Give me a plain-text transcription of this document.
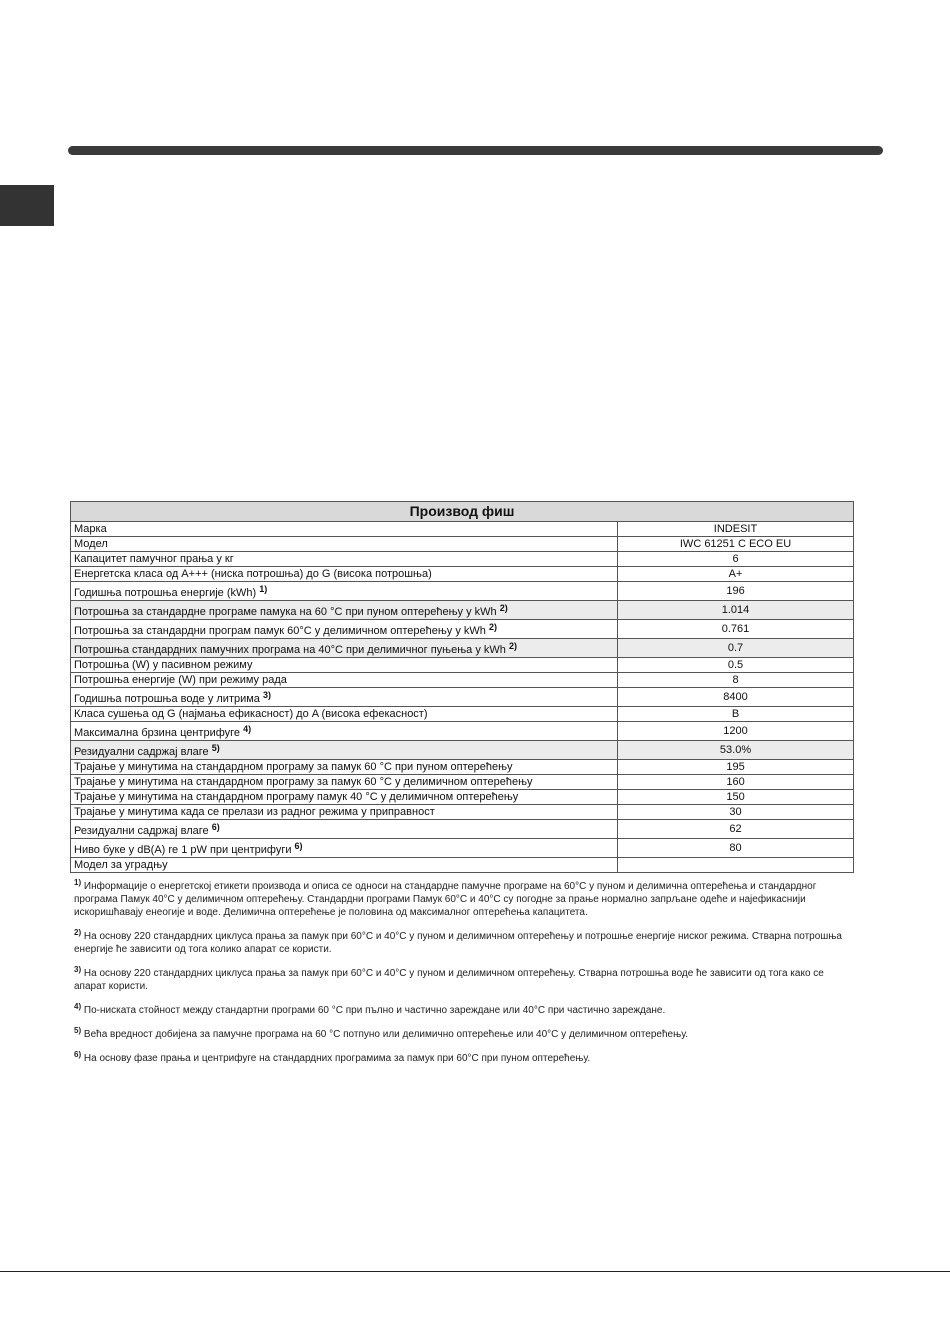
Производ фиш	
Марка	INDESIT
Модел	IWC 61251 C ECO EU
Капацитет памучног прања у кг	6
Енергетска класа од A+++ (ниска потрошња) до G (висока потрошња)	A+
Годишња потрошња енергије (kWh) $^{1)}$	196
Потрошња за стандардне програме памука на 60 °C при пуном оптерећењу у kWh $^{2)}$	1.014
Потрошња за стандардни програм памук 60°C у делимичном оптерећењу у kWh $^{2)}$	0.761
Потрошња стандардних памучних програма на 40°C при делимичног пуњења у kWh $^{2)}$	0.7
Потрошња (W) у пасивном режиму	0.5
Потрошња енергије (W) при режиму рада	8
Годишња потрошња воде у литрима $^{3)}$	8400
Класа сушења од G (најмања ефикасност) до A (висока ефекасност)	B
Максимална брзина центрифуге $^{4)}$	1200
Резидуални садржај влаге $^{5)}$	53.0%
Трајање у минутима на стандардном програму за памук 60 °C при пуном оптерећењу	195
Трајање у минутима на стандардном програму за памук 60 °C у делимичном оптерећењу	160
Трајање у минутима на стандардном програму памук 40 °C у делимичном оптерећењу	150
Трајање у минутима када се прелази из радног режима у приправност	30
Резидуални садржај влаге $^{6)}$	62
Ниво буке у dB(A) re 1 pW при центрифуги $^{6)}$	80
Модел за уградњу	

$^{1)}$ Информације о енергетској етикети производа и описа се односи на стандардне памучне програме на 60°C у пуном и делимична оптерећења и стандардног програма Памук 40°C у делимичном оптерећењу. Стандардни програми Памук 60°C и 40°C су погодне за прање нормално запрљане одеће и најефикаснији искоришћавају енеогије и воде. Делимична оптерећење је половина од максималног оптерећења капацитета.

$^{2)}$ На основу 220 стандардних циклуса прања за памук при 60°C и 40°C у пуном и делимичном оптерећењу и потрошње енергије ниског режима. Стварна потрошња енергије ће зависити од тога колико апарат се користи.

$^{3)}$ На основу 220 стандардних циклуса прања за памук при 60°C и 40°C у пуном и делимичном оптерећењу. Стварна потрошња воде ће зависити од тога како се апарат користи.

$^{4)}$ По-ниската стойност между стандартни програми 60 °C при пълно и частично зареждане или 40°C при частично зареждане.

$^{5)}$ Већа вредност добијена за памучне програма на 60 °C потпуно или делимично оптерећење или 40°C у делимичном оптерећењу.

$^{6)}$ На основу фазе прања и центрифуге на стандардних програмима за памук при 60°C при пуном оптерећењу.
